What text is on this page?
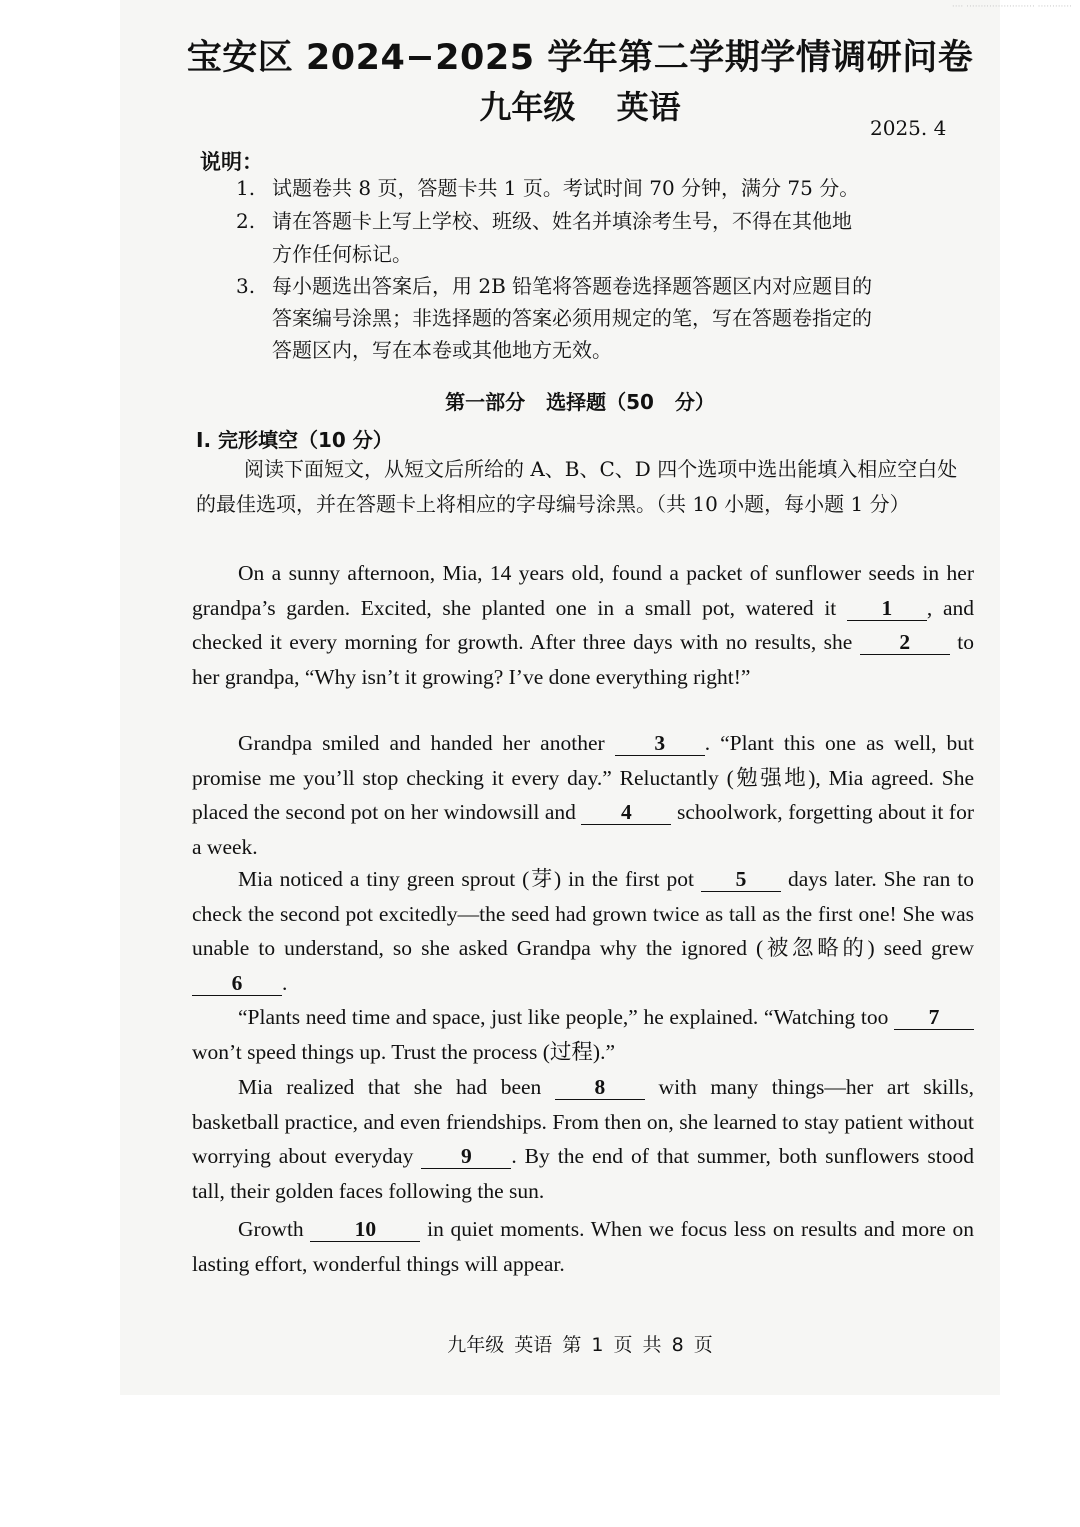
···· ························ ············
宝安区 2024−2025 学年第二学期学情调研问卷
九年级 英语
2025. 4
说明：
1. 试题卷共 8 页，答题卡共 1 页。考试时间 70 分钟，满分 75 分。
2. 请在答题卡上写上学校、班级、姓名并填涂考生号，不得在其他地
方作任何标记。
3. 每小题选出答案后，用 2B 铅笔将答题卷选择题答题区内对应题目的
答案编号涂黑；非选择题的答案必须用规定的笔，写在答题卷指定的
答题区内，写在本卷或其他地方无效。
第一部分 选择题（50 分）
I. 完形填空（10 分）
阅读下面短文，从短文后所给的 A、B、C、D 四个选项中选出能填入相应空白处的最佳选项，并在答题卡上将相应的字母编号涂黑。（共 10 小题，每小题 1 分）
On a sunny afternoon, Mia, 14 years old, found a packet of sunflower seeds in her grandpa’s garden. Excited, she planted one in a small pot, watered it 1 , and checked it every morning for growth. After three days with no results, she 2 to her grandpa, “Why isn’t it growing? I’ve done everything right!”
Grandpa smiled and handed her another 3 . “Plant this one as well, but promise me you’ll stop checking it every day.” Reluctantly (勉强地), Mia agreed. She placed the second pot on her windowsill and 4 schoolwork, forgetting about it for a week.
Mia noticed a tiny green sprout (芽) in the first pot 5 days later. She ran to check the second pot excitedly—the seed had grown twice as tall as the first one! She was unable to understand, so she asked Grandpa why the ignored (被忽略的) seed grew 6 .
“Plants need time and space, just like people,” he explained. “Watching too 7 won’t speed things up. Trust the process (过程).”
Mia realized that she had been 8 with many things—her art skills, basketball practice, and even friendships. From then on, she learned to stay patient without worrying about everyday 9 . By the end of that summer, both sunflowers stood tall, their golden faces following the sun.
Growth 10 in quiet moments. When we focus less on results and more on lasting effort, wonderful things will appear.
九年级 英语 第 1 页 共 8 页
